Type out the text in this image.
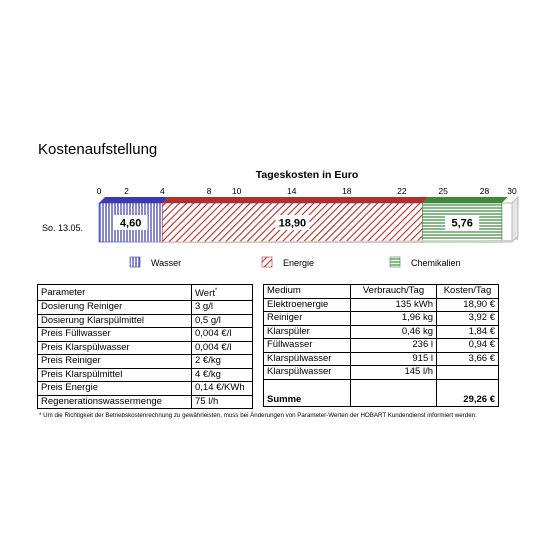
Kostenaufstellung
Tageskosten in Euro
0	2	4	8 10	14	18	22	25	28 30
4,60	18,90	5,76
So. 13.05.
Wasser	Energie	Chemikalien
Parameter	Wert*
Dosierung Reiniger	3 g/l
Dosierung Klarspülmittel	0,5 g/l
Preis Füllwasser	0,004 €/l
Preis Klarspülwasser	0,004 €/l
Preis Reiniger	2 €/kg
Preis Klarspülmittel	4 €/kg
Preis Energie	0,14 €/KWh
Regenerationswassermenge	75 l/h
Medium	Verbrauch/Tag	Kosten/Tag
Elektroenergie	135 kWh	18,90 €
Reiniger	1,96 kg	3,92 €
Klarspüler	0,46 kg	1,84 €
Füllwasser	236 l	0,94 €
Klarspülwasser	915 l	3,66 €
Klarspülwasser	145 l/h	
Summe		29,26 €
* Um die Richtigkeit der Betriebskostenrechnung zu gewährleisten, muss bei Änderungen von Parameter-Werten der HOBART Kundendienst informiert werden.
